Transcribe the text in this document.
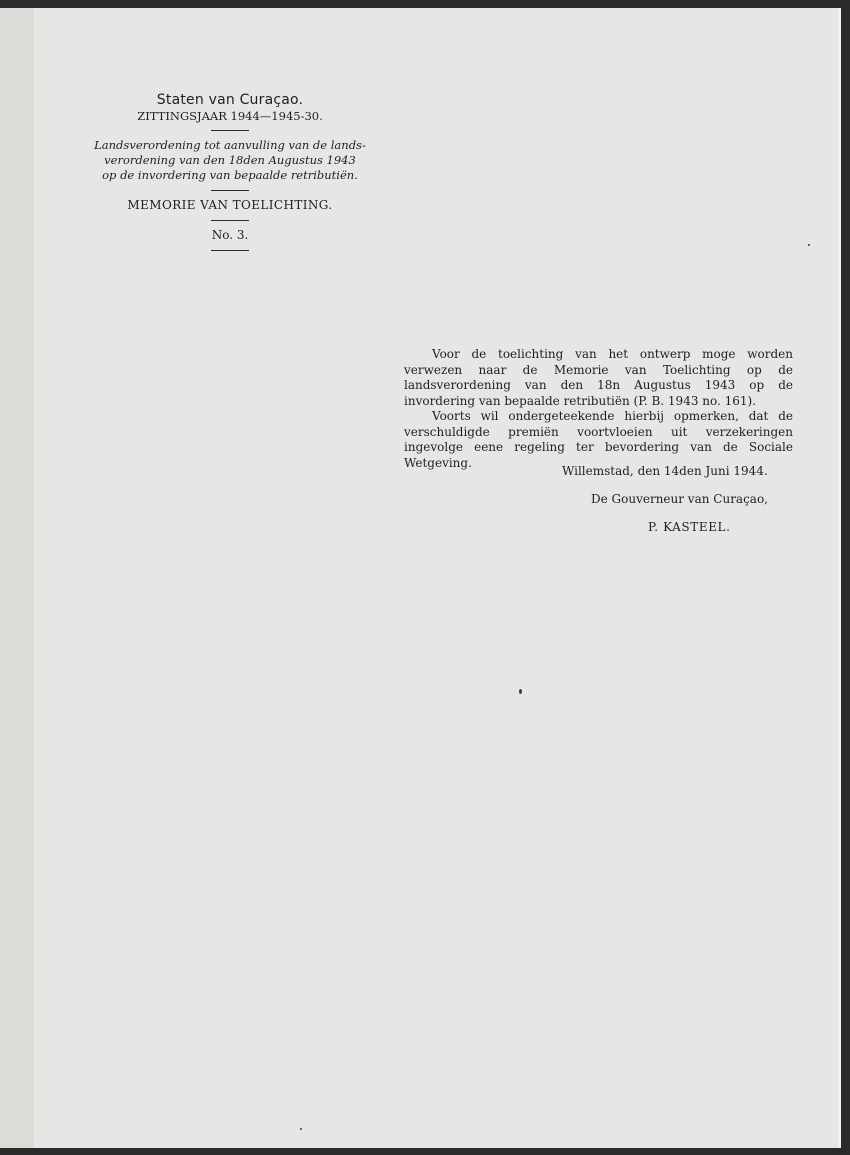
Staten van Curaçao.
ZITTINGSJAAR 1944—1945-30.
Landsverordening tot aanvulling van de lands-
verordening van den 18den Augustus 1943
op de invordering van bepaalde retributiën.
MEMORIE VAN TOELICHTING.
No. 3.

Voor de toelichting van het ontwerp moge worden verwezen naar de Memorie van Toelichting op de landsverordening van den 18n Augustus 1943 op de invordering van bepaalde retributiën (P. B. 1943 no. 161).

Voorts wil ondergeteekende hierbij opmerken, dat de verschuldigde premiën voortvloeien uit verzekeringen ingevolge eene regeling ter bevordering van de Sociale Wetgeving.

Willemstad, den 14den Juni 1944.
De Gouverneur van Curaçao,
P. KASTEEL.
